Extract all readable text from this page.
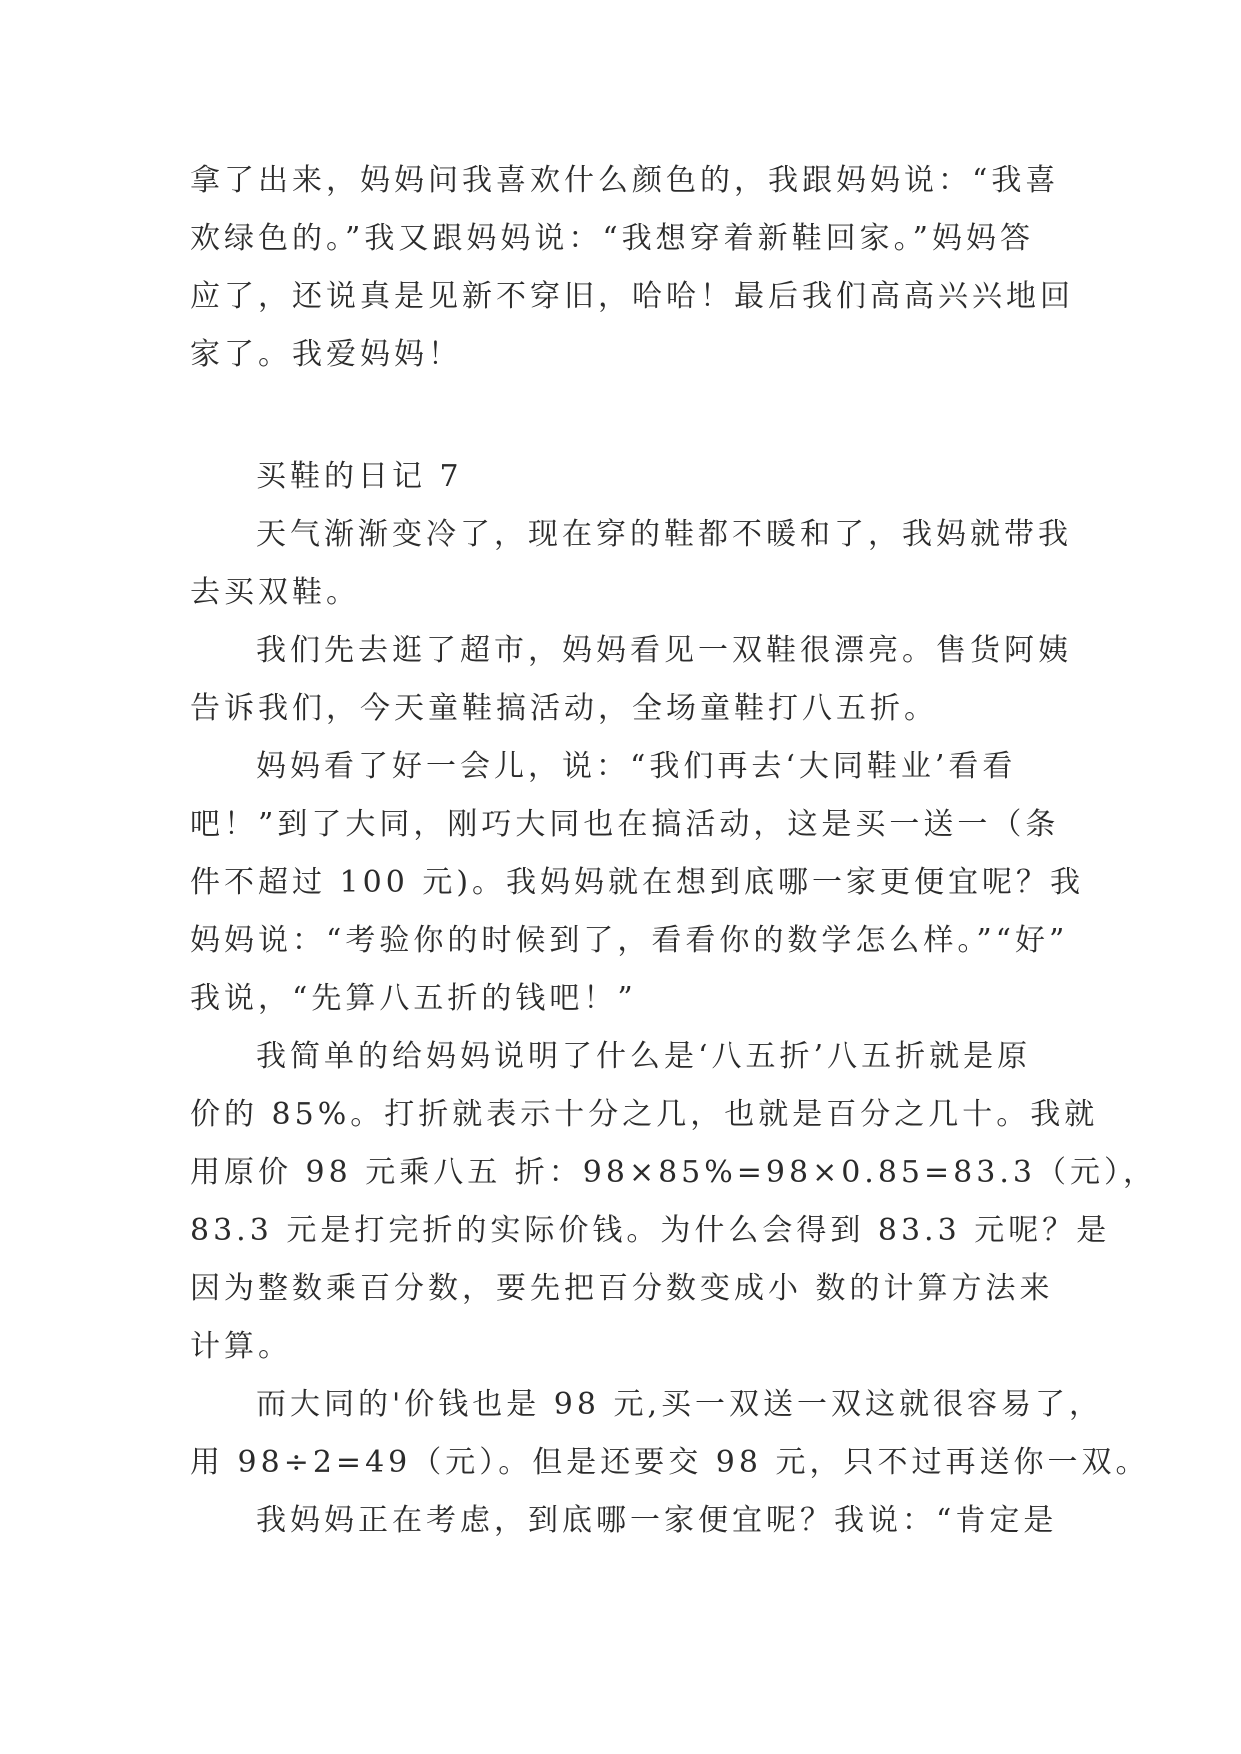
拿了出来，妈妈问我喜欢什么颜色的，我跟妈妈说：“我喜
欢绿色的。”我又跟妈妈说：“我想穿着新鞋回家。”妈妈答
应了，还说真是见新不穿旧，哈哈！最后我们高高兴兴地回
家了。我爱妈妈！
买鞋的日记 7
天气渐渐变冷了，现在穿的鞋都不暖和了，我妈就带我
去买双鞋。
我们先去逛了超市，妈妈看见一双鞋很漂亮。售货阿姨
告诉我们，今天童鞋搞活动，全场童鞋打八五折。
妈妈看了好一会儿，说：“我们再去‘大同鞋业’看看
吧！”到了大同，刚巧大同也在搞活动，这是买一送一（条
件不超过 100 元)。我妈妈就在想到底哪一家更便宜呢？我
妈妈说：“考验你的时候到了，看看你的数学怎么样。”“好”
我说，“先算八五折的钱吧！”
我简单的给妈妈说明了什么是‘八五折’八五折就是原
价的 85%。打折就表示十分之几，也就是百分之几十。我就
用原价 98 元乘八五 折：98×85%=98×0.85=83.3（元），
83.3 元是打完折的实际价钱。为什么会得到 83.3 元呢？是
因为整数乘百分数，要先把百分数变成小 数的计算方法来
计算。
而大同的'价钱也是 98 元,买一双送一双这就很容易了，
用 98÷2=49（元）。但是还要交 98 元，只不过再送你一双。
我妈妈正在考虑，到底哪一家便宜呢？我说：“肯定是
